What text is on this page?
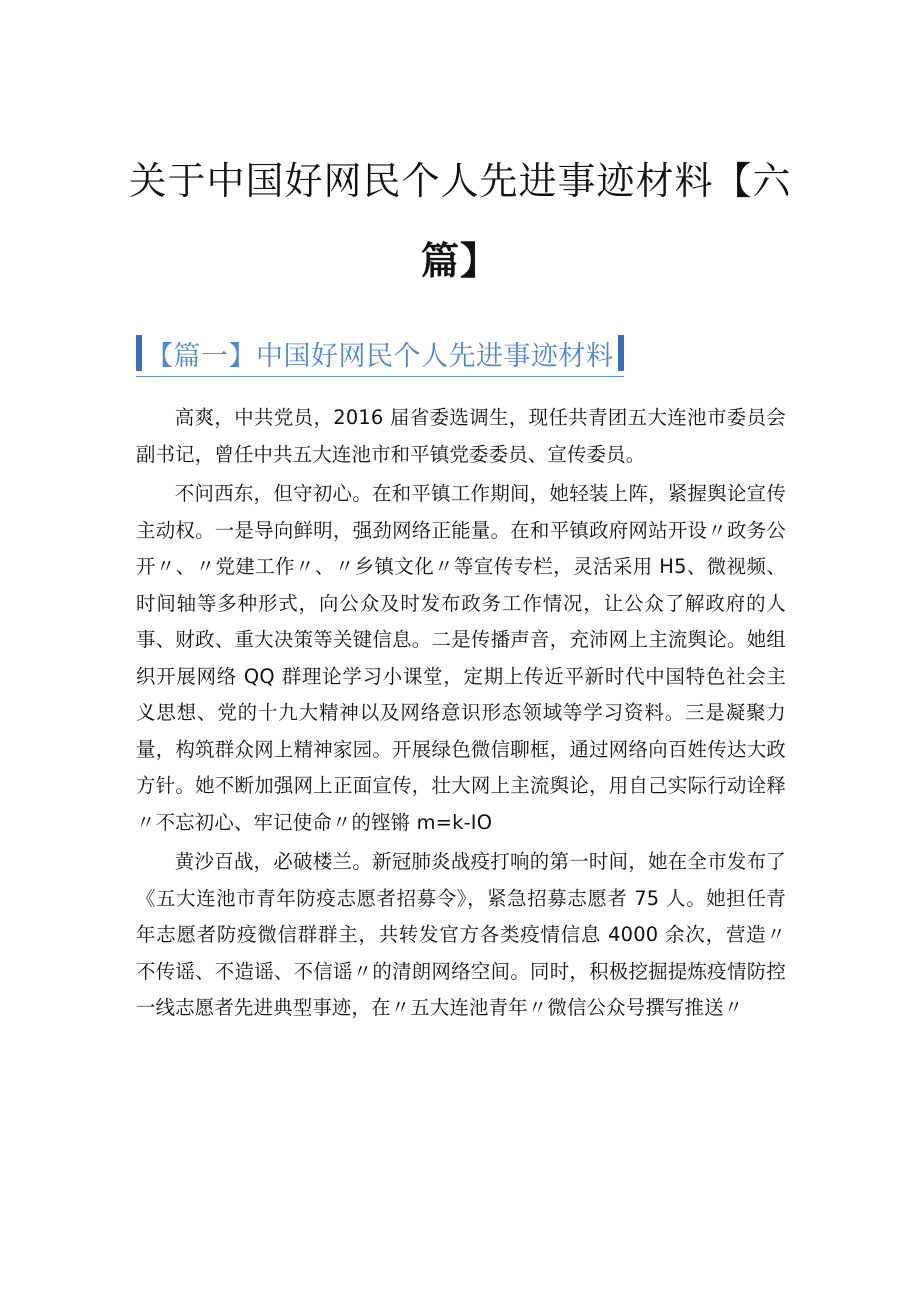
关于中国好网民个人先进事迹材料【六
篇】
【篇一】中国好网民个人先进事迹材料

高爽，中共党员，2016 届省委选调生，现任共青团五大连池市委员会副书记，曾任中共五大连池市和平镇党委委员、宣传委员。

不问西东，但守初心。在和平镇工作期间，她轻装上阵，紧握舆论宣传主动权。一是导向鲜明，强劲网络正能量。在和平镇政府网站开设〃政务公开〃、〃党建工作〃、〃乡镇文化〃等宣传专栏，灵活采用 H5、微视频、时间轴等多种形式，向公众及时发布政务工作情况，让公众了解政府的人事、财政、重大决策等关键信息。二是传播声音，充沛网上主流舆论。她组织开展网络 QQ 群理论学习小课堂，定期上传近平新时代中国特色社会主义思想、党的十九大精神以及网络意识形态领域等学习资料。三是凝聚力量，构筑群众网上精神家园。开展绿色微信聊框，通过网络向百姓传达大政方针。她不断加强网上正面宣传，壮大网上主流舆论，用自己实际行动诠释〃不忘初心、牢记使命〃的铿锵 m=k-IO

黄沙百战，必破楼兰。新冠肺炎战疫打响的第一时间，她在全市发布了《五大连池市青年防疫志愿者招募令》，紧急招募志愿者 75 人。她担任青年志愿者防疫微信群群主，共转发官方各类疫情信息 4000 余次，营造〃不传谣、不造谣、不信谣〃的清朗网络空间。同时，积极挖掘提炼疫情防控一线志愿者先进典型事迹，在〃五大连池青年〃微信公众号撰写推送〃
